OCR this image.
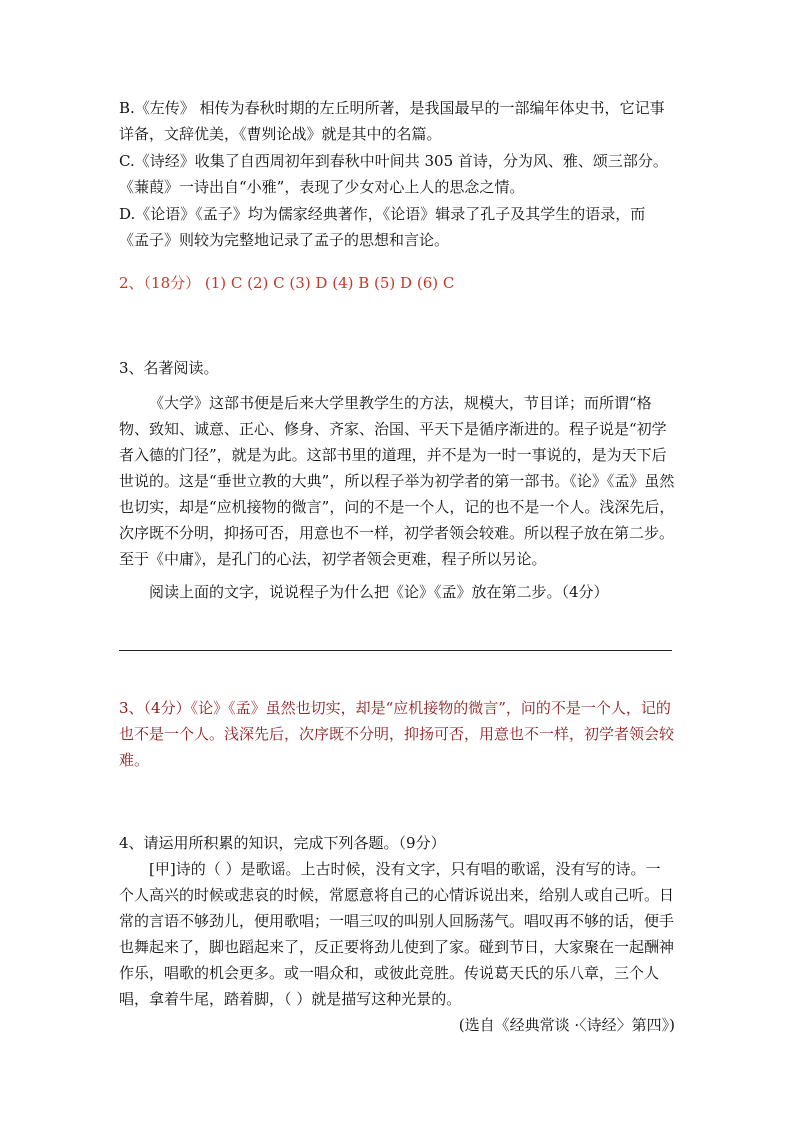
B.《左传》 相传为春秋时期的左丘明所著，是我国最早的一部编年体史书，它记事详备，文辞优美，《曹刿论战》就是其中的名篇。

C.《诗经》收集了自西周初年到春秋中叶间共 305 首诗，分为风、雅、颂三部分。《蒹葭》一诗出自“小雅”，表现了少女对心上人的思念之情。

D.《论语》《孟子》均为儒家经典著作，《论语》辑录了孔子及其学生的语录，而《孟子》则较为完整地记录了孟子的思想和言论。

2、（18分） (1) C (2) C (3) D (4) B (5) D (6) C

3、名著阅读。

《大学》这部书便是后来大学里教学生的方法，规模大，节目详；而所谓“格物、致知、诚意、正心、修身、齐家、治国、平天下是循序渐进的。程子说是“初学者入德的门径”，就是为此。这部书里的道理，并不是为一时一事说的，是为天下后世说的。这是“垂世立教的大典”，所以程子举为初学者的第一部书。《论》《孟》虽然也切实，却是“应机接物的微言”，问的不是一个人，记的也不是一个人。浅深先后，次序既不分明，抑扬可否，用意也不一样，初学者领会较难。所以程子放在第二步。至于《中庸》，是孔门的心法，初学者领会更难，程子所以另论。

阅读上面的文字，说说程子为什么把《论》《孟》放在第二步。（4分）

3、（4分）《论》《孟》虽然也切实，却是“应机接物的微言”，问的不是一个人，记的也不是一个人。浅深先后，次序既不分明，抑扬可否，用意也不一样，初学者领会较难。

4、请运用所积累的知识，完成下列各题。（9分）

[甲]诗的（ ）是歌谣。上古时候，没有文字，只有唱的歌谣，没有写的诗。一个人高兴的时候或悲哀的时候，常愿意将自己的心情诉说出来，给别人或自己听。日常的言语不够劲儿，便用歌唱；一唱三叹的叫别人回肠荡气。唱叹再不够的话，便手也舞起来了，脚也蹈起来了，反正要将劲儿使到了家。碰到节日，大家聚在一起酬神作乐，唱歌的机会更多。或一唱众和，或彼此竞胜。传说葛天氏的乐八章，三个人唱，拿着牛尾，踏着脚，（ ）就是描写这种光景的。

(选自《经典常谈 ·〈诗经〉第四》)
